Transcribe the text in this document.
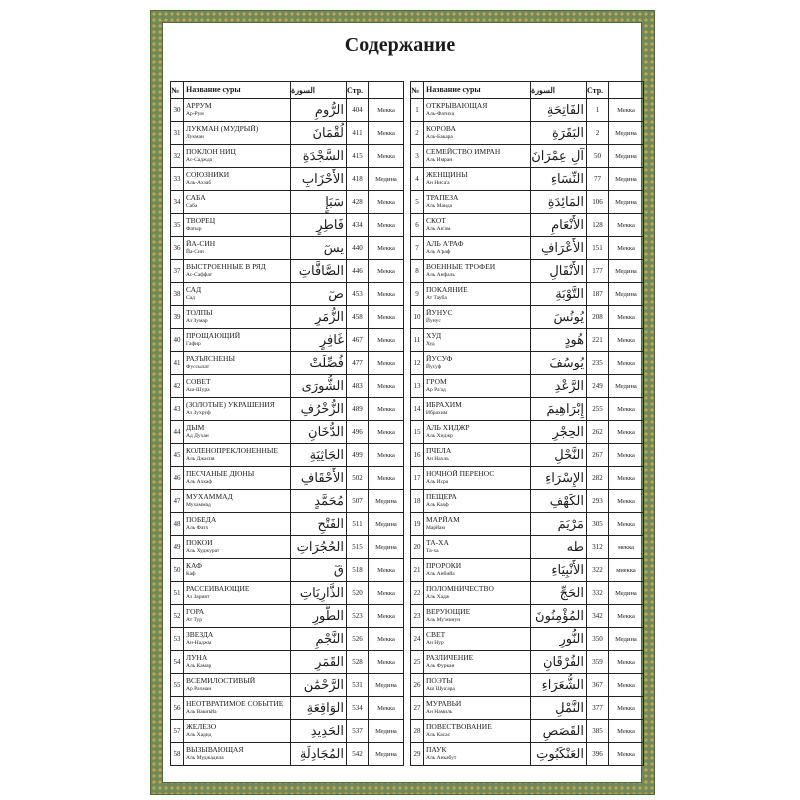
Содержание
№	Название суры	السورة	Стр.	
30	АРРУМ
Ар-Рум	الرُّومِ	404	Мекка
31	ЛУКМАН (МУДРЫЙ)
Лукман	لُقْمَانَ	411	Мекка
32	ПОКЛОН НИЦ
Ас-Саджда	السَّجْدَةِ	415	Мекка
33	СОЮЗНИКИ
Аль-Ахзаб	الأَحْزَابِ	418	Медина
34	САБА
Саба	سَبَإٍ	428	Мекка
35	ТВОРЕЦ
Фатыр	فَاطِرٍ	434	Мекка
36	ЙА-СИН
Йа-Син	يسٓ	440	Мекка
37	ВЫСТРОЕННЫЕ В РЯД
Ас-Саффат	الصَّافَّاتِ	446	Мекка
38	САД
Сад	صٓ	453	Мекка
39	ТОЛПЫ
Аз Зумар	الزُّمَرِ	458	Мекка
40	ПРОЩАЮЩИЙ
Гафир	غَافِرٍ	467	Мекка
41	РАЗЪЯСНЕНЫ
Фуссылат	فُصِّلَتْ	477	Мекка
42	СОВЕТ
Аш-Шура	الشُّورَى	483	Мекка
43	(ЗОЛОТЫЕ) УКРАШЕНИЯ
Аз Зухруф	الزُّخْرُفِ	489	Мекка
44	ДЫМ
Ад Духан	الدُّخَانِ	496	Мекка
45	КОЛЕНОПРЕКЛОНЕННЫЕ
Аль Джасия	الجَاثِيَةِ	499	Мекка
46	ПЕСЧАНЫЕ ДЮНЫ
Аль Ахкаф	الأَحْقَافِ	502	Мекка
47	МУХАММАД
Мухаммад	مُحَمَّدٍ	507	Медина
48	ПОБЕДА
Аль Фатх	الفَتْحِ	511	Медина
49	ПОКОИ
Аль Худжурат	الحُجُرَاتِ	515	Медина
50	КАФ
Каф	قٓ	518	Мекка
51	РАССЕИВАЮЩИЕ
Аз Зарият	الذَّارِيَاتِ	520	Мекка
52	ГОРА
Ат Тур	الطُّورِ	523	Мекка
53	ЗВЕЗДА
Ан-Наджм	النَّجْمِ	526	Мекка
54	ЛУНА
Аль Камар	القَمَرِ	528	Мекка
55	ВСЕМИЛОСТИВЫЙ
Ар Рахман	الرَّحْمَٰن	531	Медина
56	НЕОТВРАТИМОЕ СОБЫТИЕ
Аль Вакиъйа	الوَاقِعَةِ	534	Мекка
57	ЖЕЛЕЗО
Аль Хадид	الحَدِيدِ	537	Медина
58	ВЫЗЫВАЮЩАЯ
Аль Муджадила	المُجَادِلَةِ	542	Медина
№	Название суры	السورة	Стр.	
1	ОТКРЫВАЮЩАЯ
Аль-Фатиха	الفَاتِحَةِ	1	Мекка
2	КОРОВА
Аль-Бакара	البَقَرَةِ	2	Медина
3	СЕМЕЙСТВО ИМРАН
Аль Имран	آلِ عِمْرَانَ	50	Медина
4	ЖЕНЩИНЫ
Ан Ниса'а	النِّسَاءِ	77	Медина
5	ТРАПЕЗА
Аль Маида	المَائِدَةِ	106	Медина
6	СКОТ
Аль Ан'ам	الأَنْعَامِ	128	Мекка
7	АЛЬ А'РАФ
Аль А'раф	الأَعْرَافِ	151	Мекка
8	ВОЕННЫЕ ТРОФЕИ
Аль Анфаль	الأَنْفَالِ	177	Медина
9	ПОКАЯНИЕ
Ат Тауба	التَّوْبَةِ	187	Медина
10	ЙУНУС
Йунус	يُونُسَ	208	Мекка
11	ХУД
Худ	هُودٍ	221	Мекка
12	ЙУСУФ
Йусуф	يُوسُفَ	235	Мекка
13	ГРОМ
Ар Ра'ад	الرَّعْدِ	249	Медина
14	ИБРАХИМ
Ибрахим	إِبْرَاهِيمَ	255	Мекка
15	АЛЬ ХИДЖР
Аль Хиджр	الحِجْرِ	262	Мекка
16	ПЧЕЛА
Ан Нахль	النَّحْلِ	267	Мекка
17	НОЧНОЙ ПЕРЕНОС
Аль Исра	الإِسْرَاءِ	282	Мекка
18	ПЕЩЕРА
Аль Кахф	الكَهْفِ	293	Мекка
19	МАРЙАМ
Марйам	مَرْيَمَ	305	Мекка
20	ТА-ХА
Та-ха	طه	312	мекка
21	ПРОРОКИ
Аль Анбийа	الأَنْبِيَاءِ	322	мнекка
22	ПОЛОМНИЧЕСТВО
Аль Хадж	الحَجِّ	332	Медина
23	ВЕРУЮЩИЕ
Аль Му'минун	المُؤْمِنُونَ	342	Мекка
24	СВЕТ
Ан Нур	النُّورِ	350	Медина
25	РАЗЛИЧЕНИЕ
Аль Фуркан	الفُرْقَانِ	359	Мекка
26	ПОЭТЫ
Аш Шуа'ара	الشُّعَرَاءِ	367	Мекка
27	МУРАВЬИ
Ан Намиль	النَّمْلِ	377	Мекка
28	ПОВЕСТВОВАНИЕ
Аль Касас	القَصَصِ	385	Мекка
29	ПАУК
Аль Анкабут	العَنْكَبُوتِ	396	Мекка
